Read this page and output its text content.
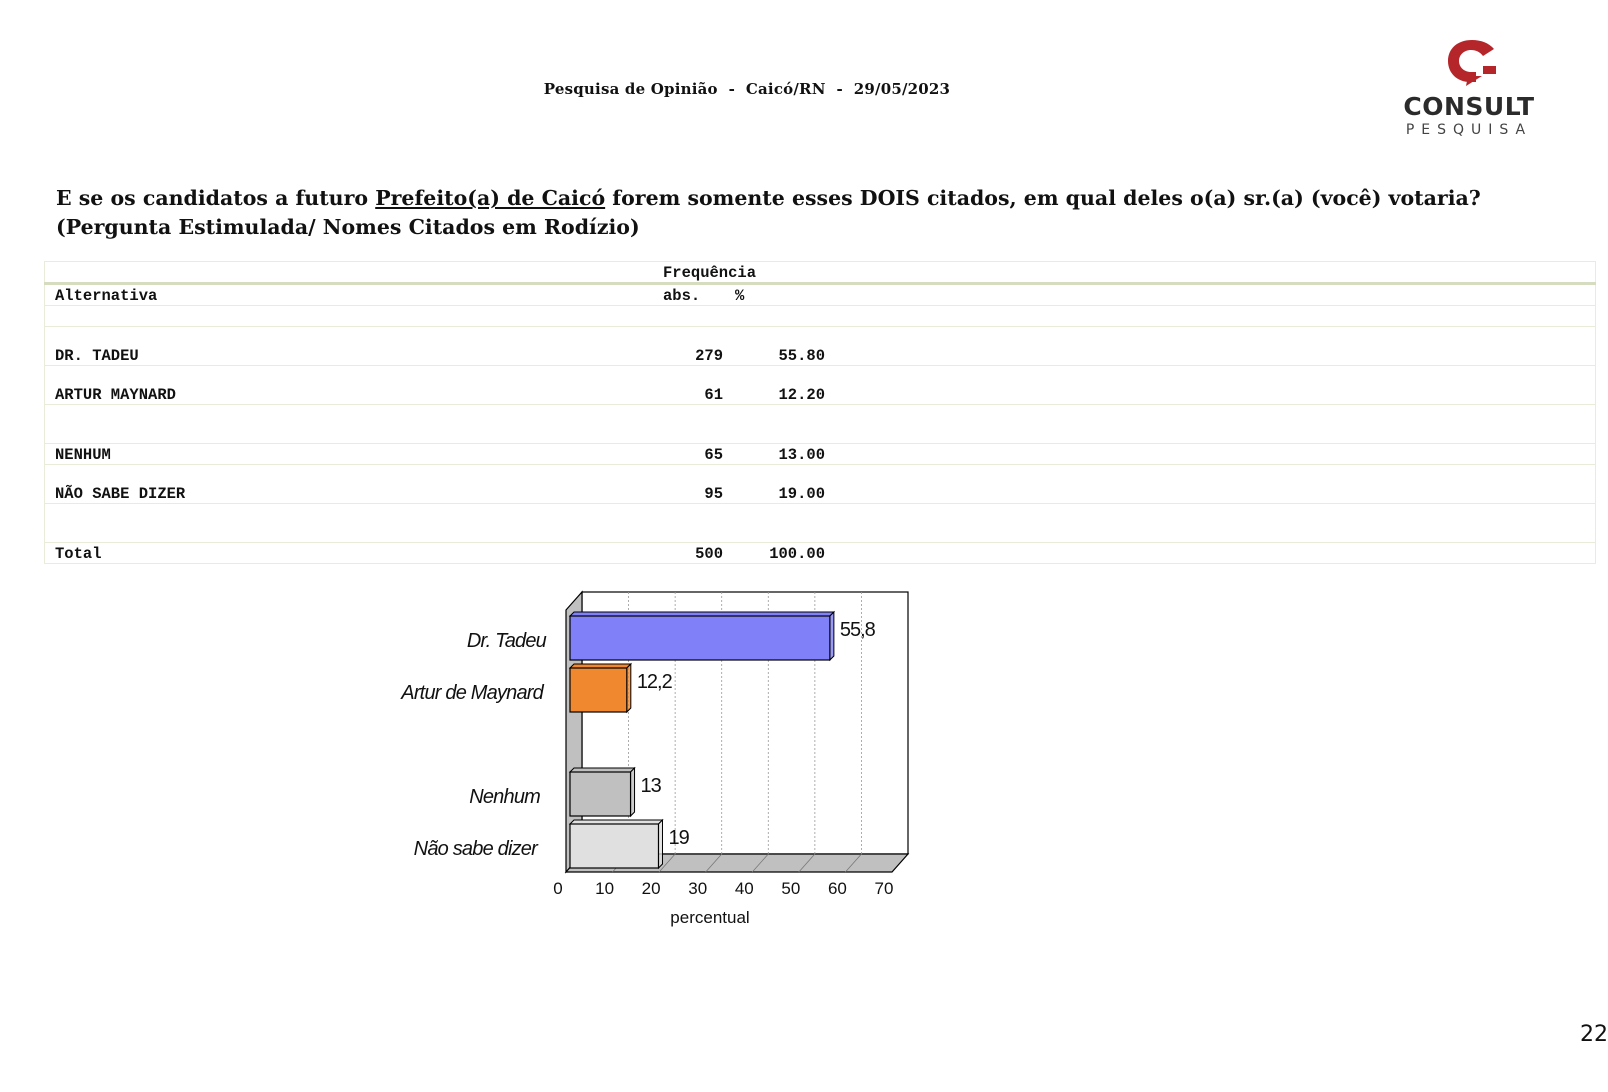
Pesquisa de Opinião  -  Caicó/RN  -  29/05/2023
CONSULT
PESQUISA
E se os candidatos a futuro Prefeito(a) de Caicó forem somente esses DOIS citados, em qual deles o(a) sr.(a) (você) votaria?
(Pergunta Estimulada/ Nomes Citados em Rodízio)
	Frequência		
Alternativa	abs.	%	

DR. TADEU	279	55.80	
ARTUR MAYNARD	61	12.20	

NENHUM	65	13.00	
NÃO SABE DIZER	95	19.00	

Total	500	100.00	
55,8
Dr. Tadeu
12,2
Artur de Maynard
13
Nenhum
19
Não sabe dizer
0 10 20 30 40 50 60 70
percentual
22
